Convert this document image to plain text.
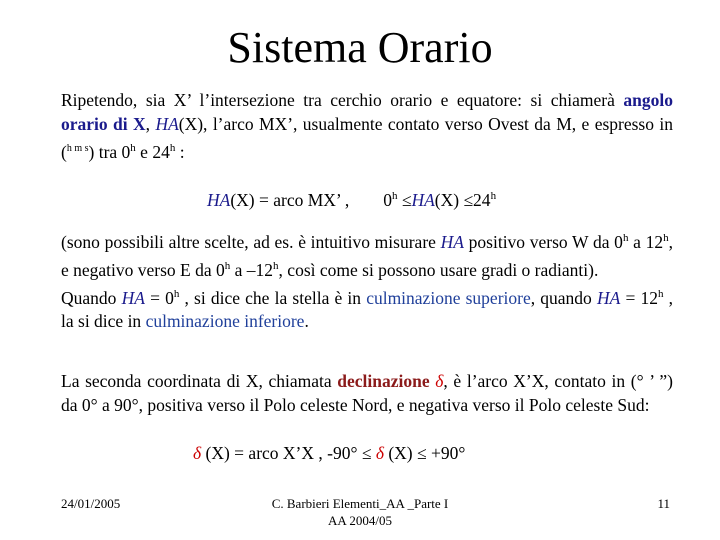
Sistema Orario
Ripetendo, sia X’ l’intersezione tra cerchio orario e equatore: si chiamerà angolo orario di X, HA(X), l’arco MX’, usualmente contato verso Ovest da M, e espresso in ($^{h m s}$) tra 0$^h$ e 24$^h$ :
HA(X) = arco MX’ , $0^h \le HA(X) \le 24^h$
(sono possibili altre scelte, ad es. è intuitivo misurare HA positivo verso W da 0$^h$ a 12$^h$, e negativo verso E da 0$^h$ a –12$^h$, così come si possono usare gradi o radianti).
Quando HA = $0^h$ , si dice che la stella è in culminazione superiore, quando HA = $12^h$ , la si dice in culminazione inferiore.
La seconda coordinata di X, chiamata declinazione δ, è l’arco X’X, contato in (° ’ ”) da 0° a 90°, positiva verso il Polo celeste Nord, e negativa verso il Polo celeste Sud:
δ (X) = arco X’X , -90° ≤ δ (X) ≤ +90°
24/01/2005	C. Barbieri Elementi_AA _Parte I
AA 2004/05
11
